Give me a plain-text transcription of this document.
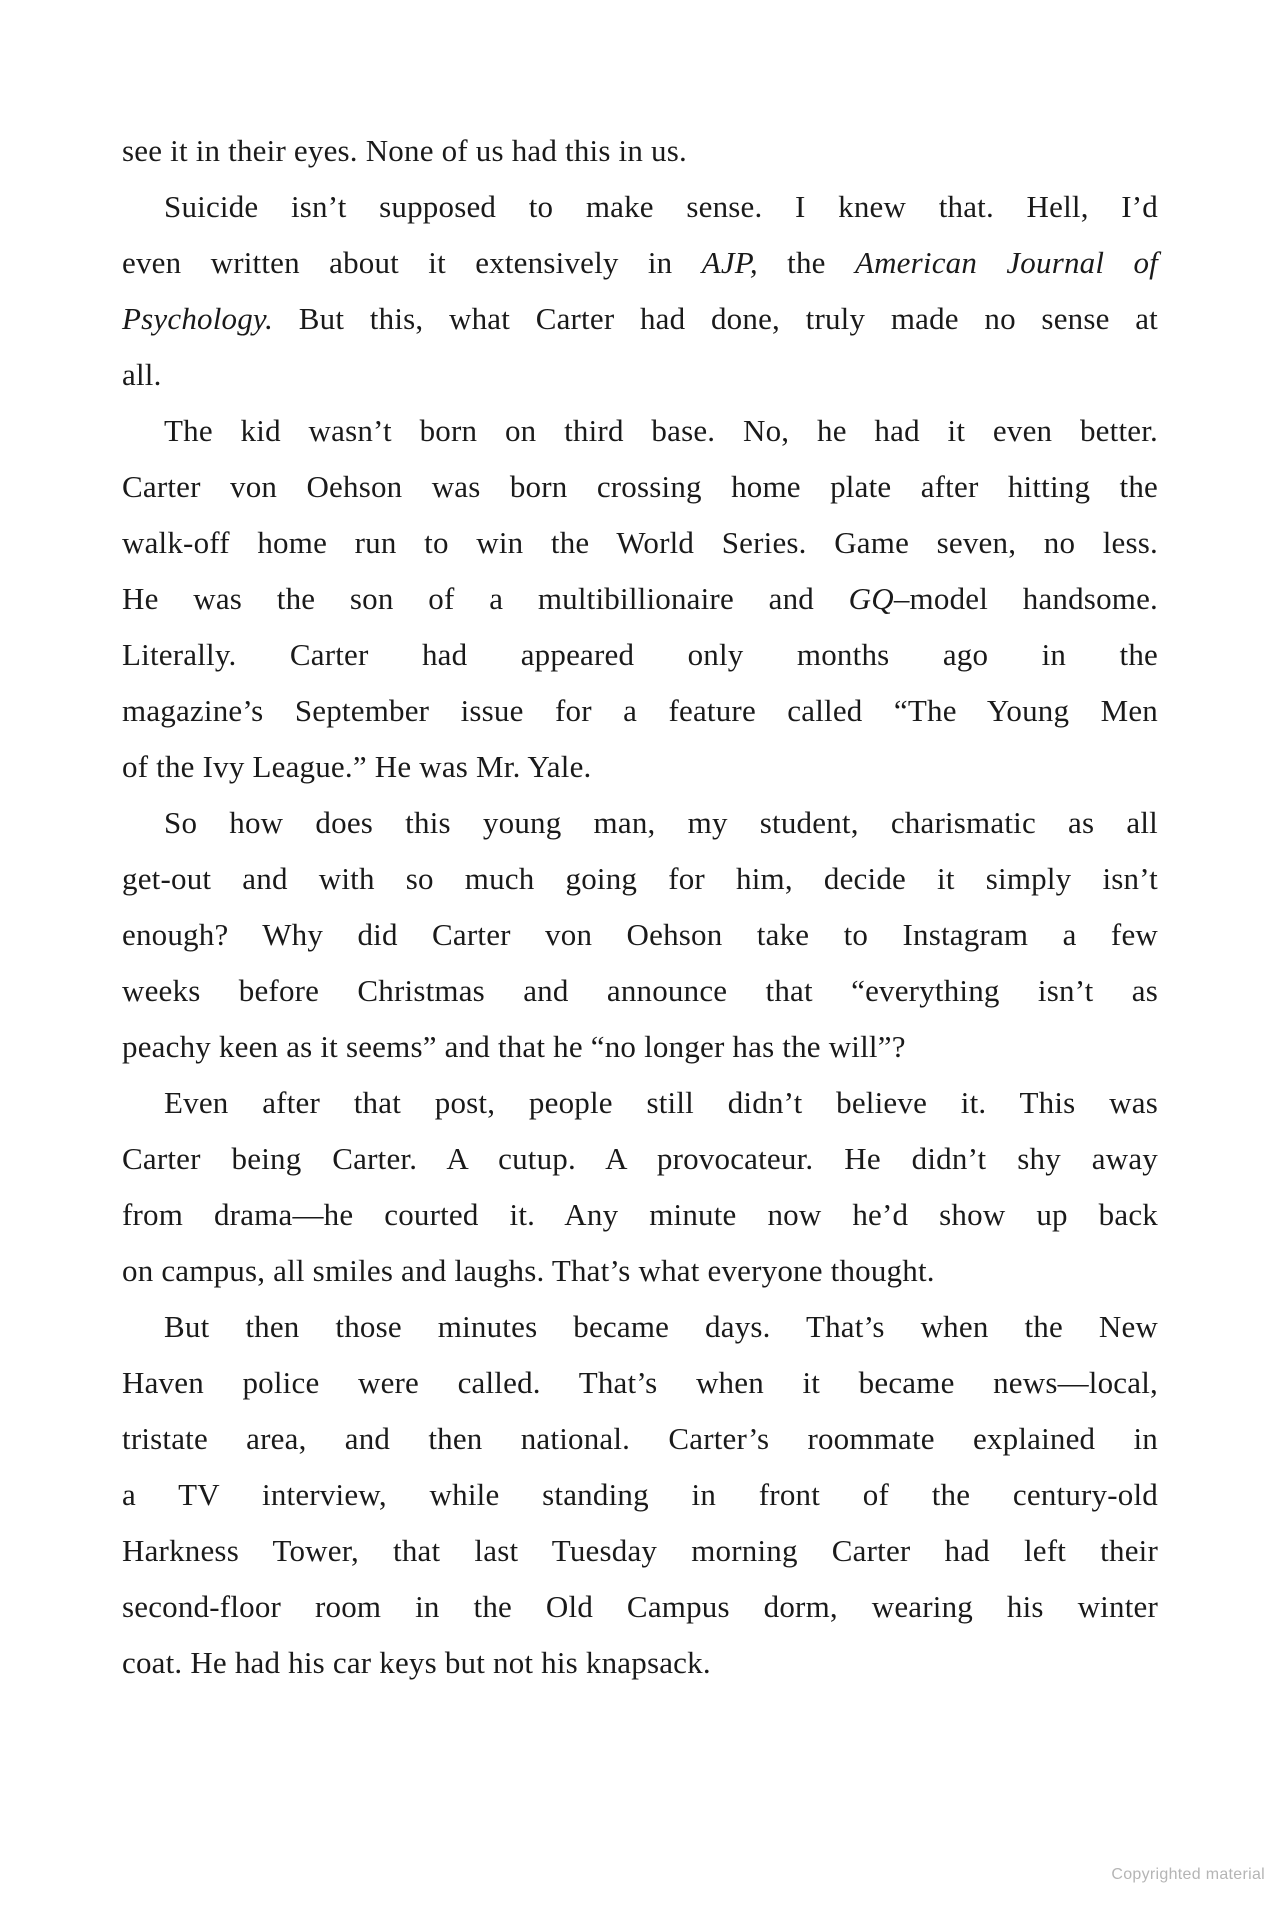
see it in their eyes. None of us had this in us.
Suicide isn’t supposed to make sense. I knew that. Hell, I’d
even written about it extensively in AJP, the American Journal of
Psychology. But this, what Carter had done, truly made no sense at
all.
The kid wasn’t born on third base. No, he had it even better.
Carter von Oehson was born crossing home plate after hitting the
walk-off home run to win the World Series. Game seven, no less.
He was the son of a multibillionaire and GQ–model handsome.
Literally. Carter had appeared only months ago in the
magazine’s September issue for a feature called “The Young Men
of the Ivy League.” He was Mr. Yale.
So how does this young man, my student, charismatic as all
get-out and with so much going for him, decide it simply isn’t
enough? Why did Carter von Oehson take to Instagram a few
weeks before Christmas and announce that “everything isn’t as
peachy keen as it seems” and that he “no longer has the will”?
Even after that post, people still didn’t believe it. This was
Carter being Carter. A cutup. A provocateur. He didn’t shy away
from drama—he courted it. Any minute now he’d show up back
on campus, all smiles and laughs. That’s what everyone thought.
But then those minutes became days. That’s when the New
Haven police were called. That’s when it became news—local,
tristate area, and then national. Carter’s roommate explained in
a TV interview, while standing in front of the century-old
Harkness Tower, that last Tuesday morning Carter had left their
second-floor room in the Old Campus dorm, wearing his winter
coat. He had his car keys but not his knapsack.
Copyrighted material
